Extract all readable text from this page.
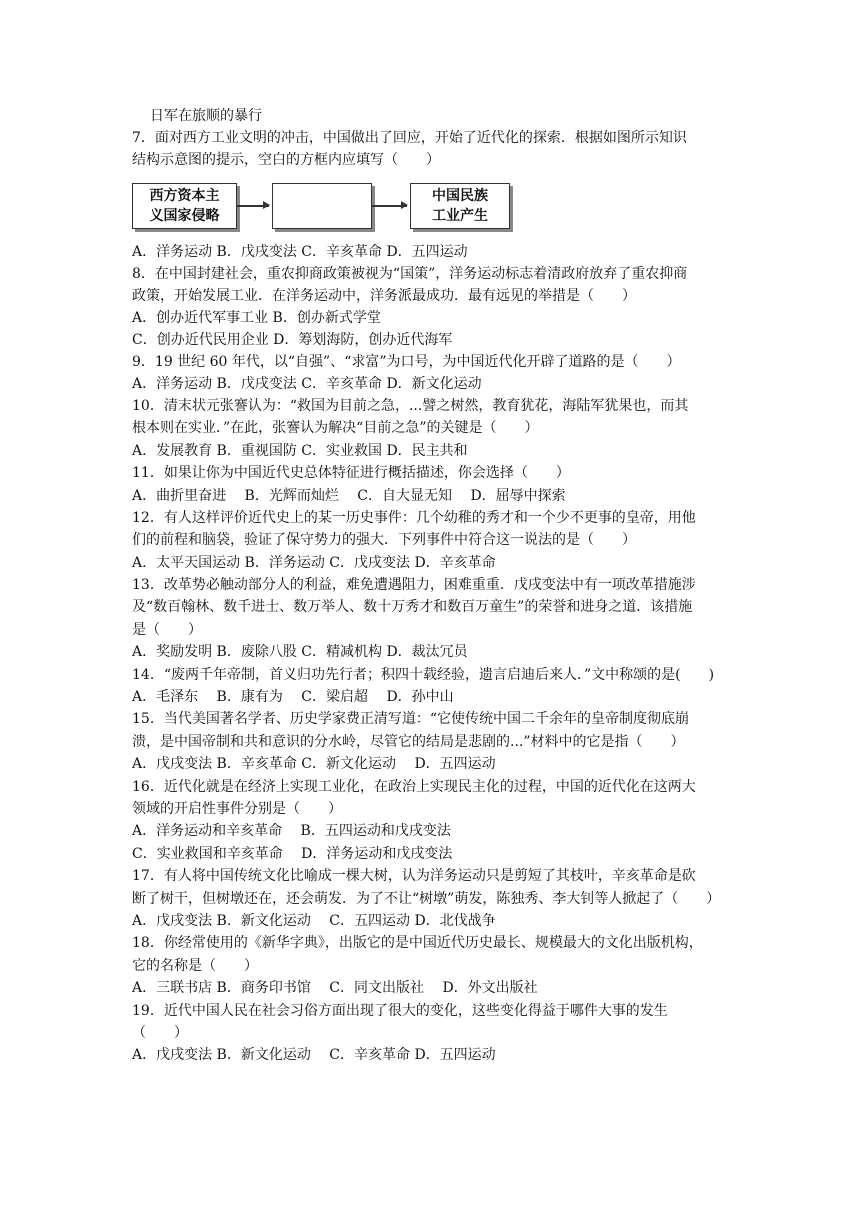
日军在旅顺的暴行
7．面对西方工业文明的冲击，中国做出了回应，开始了近代化的探索．根据如图所示知识
结构示意图的提示，空白的方框内应填写（　　）
西方资本主
义国家侵略
中国民族
工业产生
A．洋务运动 B．戊戌变法 C．辛亥革命 D．五四运动
8．在中国封建社会，重农抑商政策被视为“国策”，洋务运动标志着清政府放弃了重农抑商
政策，开始发展工业．在洋务运动中，洋务派最成功．最有远见的举措是（　　）
A．创办近代军事工业 B．创办新式学堂
C．创办近代民用企业 D．筹划海防，创办近代海军
9．19 世纪 60 年代，以“自强”、“求富”为口号，为中国近代化开辟了道路的是（　　）
A．洋务运动 B．戊戌变法 C．辛亥革命 D．新文化运动
10．清末状元张謇认为：“救国为目前之急，...譬之树然，教育犹花，海陆军犹果也，而其
根本则在实业．”在此，张謇认为解决“目前之急”的关键是（　　）
A．发展教育 B．重视国防 C．实业救国 D．民主共和
11．如果让你为中国近代史总体特征进行概括描述，你会选择（　　）
A．曲折里奋进　 B．光辉而灿烂　 C．自大显无知　 D．屈辱中探索
12．有人这样评价近代史上的某一历史事件：几个幼稚的秀才和一个少不更事的皇帝，用他
们的前程和脑袋，验证了保守势力的强大．下列事件中符合这一说法的是（　　）
A．太平天国运动 B．洋务运动 C．戊戌变法 D．辛亥革命
13．改革势必触动部分人的利益，难免遭遇阻力，困难重重．戊戌变法中有一项改革措施涉
及“数百翰林、数千进士、数万举人、数十万秀才和数百万童生”的荣誉和进身之道．该措施
是（　　）
A．奖励发明 B．废除八股 C．精减机构 D．裁汰冗员
14．“废两千年帝制，首义归功先行者；积四十载经验，遗言启迪后来人．”文中称颂的是(　　)
A．毛泽东　 B．康有为　 C．梁启超　 D．孙中山
15．当代美国著名学者、历史学家费正清写道：“它使传统中国二千余年的皇帝制度彻底崩
溃，是中国帝制和共和意识的分水岭，尽管它的结局是悲剧的...”材料中的它是指（　　）
A．戊戌变法 B．辛亥革命 C．新文化运动　 D．五四运动
16．近代化就是在经济上实现工业化，在政治上实现民主化的过程，中国的近代化在这两大
领域的开启性事件分别是（　　）
A．洋务运动和辛亥革命　 B．五四运动和戊戌变法
C．实业救国和辛亥革命　 D．洋务运动和戊戌变法
17．有人将中国传统文化比喻成一棵大树，认为洋务运动只是剪短了其枝叶，辛亥革命是砍
断了树干，但树墩还在，还会萌发．为了不让“树墩”萌发，陈独秀、李大钊等人掀起了（　　）
A．戊戌变法 B．新文化运动　 C．五四运动 D．北伐战争
18．你经常使用的《新华字典》，出版它的是中国近代历史最长、规模最大的文化出版机构，
它的名称是（　　）
A．三联书店 B．商务印书馆　 C．同文出版社　 D．外文出版社
19．近代中国人民在社会习俗方面出现了很大的变化，这些变化得益于哪件大事的发生
（　　）
A．戊戌变法 B．新文化运动　 C．辛亥革命 D．五四运动
